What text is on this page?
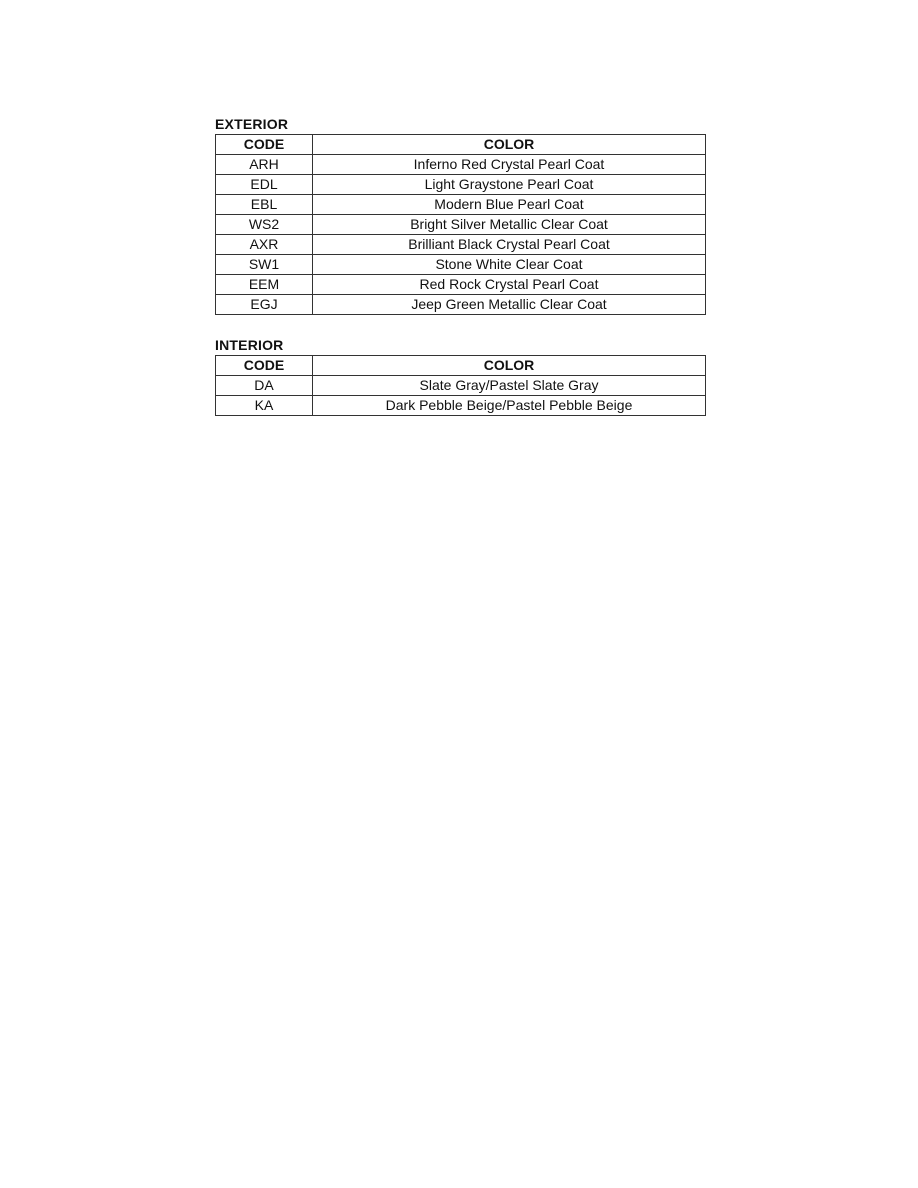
EXTERIOR
CODE	COLOR
ARH	Inferno Red Crystal Pearl Coat
EDL	Light Graystone Pearl Coat
EBL	Modern Blue Pearl Coat
WS2	Bright Silver Metallic Clear Coat
AXR	Brilliant Black Crystal Pearl Coat
SW1	Stone White Clear Coat
EEM	Red Rock Crystal Pearl Coat
EGJ	Jeep Green Metallic Clear Coat
INTERIOR
CODE	COLOR
DA	Slate Gray/Pastel Slate Gray
KA	Dark Pebble Beige/Pastel Pebble Beige
